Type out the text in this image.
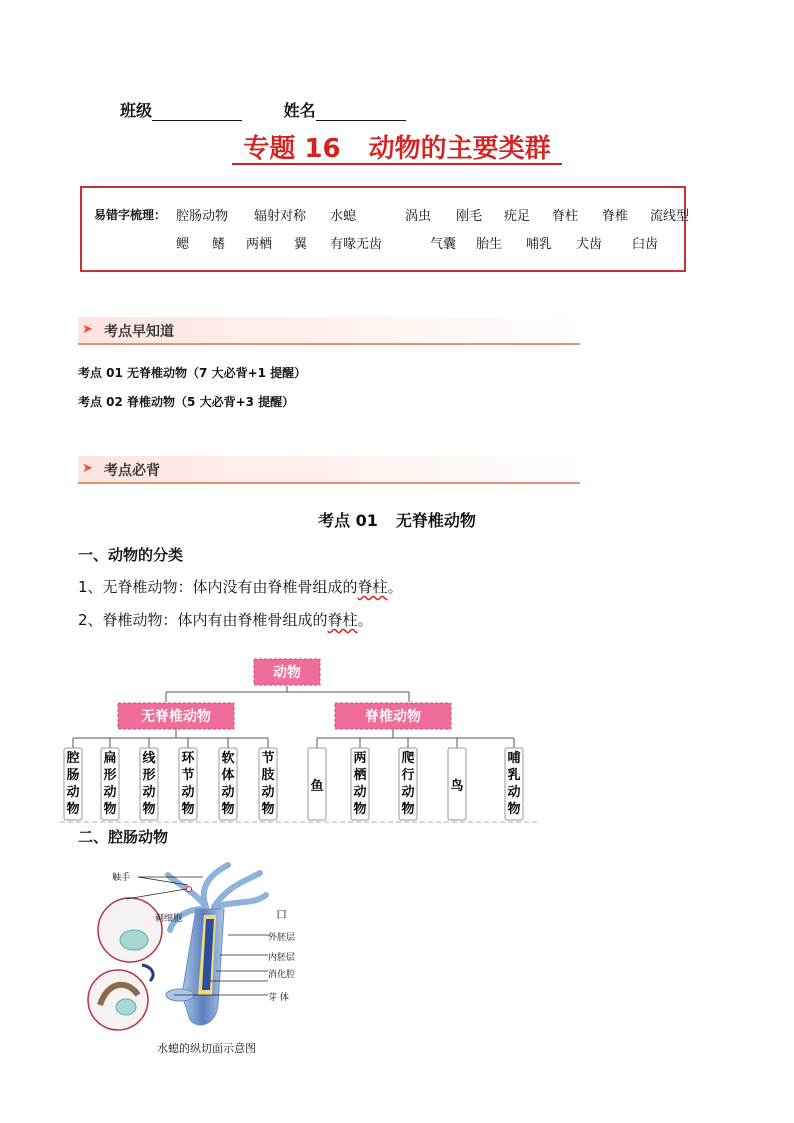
班级	姓名
专题 16 动物的主要类群
易错字梳理： 腔肠动物 辐射对称 水螅	涡虫 刚毛 疣足 脊柱 脊椎 流线型
鳃 鳍 两栖 翼 有喙无齿	气囊 胎生 哺乳 犬齿 臼齿
➤ 考点早知道
考点 01 无脊椎动物（7 大必背+1 提醒）
考点 02 脊椎动物（5 大必背+3 提醒）
➤ 考点必背
考点 01 无脊椎动物
一、动物的分类
1、无脊椎动物：体内没有由脊椎骨组成的脊柱。
2、脊椎动物：体内有由脊椎骨组成的脊柱。
动物
无脊椎动物	脊椎动物
腔
肠
动
物
扁
形
动
物
线
形
动
物
环
节
动
物
软
体
动
物
节
肢
动
物
鱼
两
栖
动
物
爬
行
动
物
鸟
哺
乳
动
物
二、腔肠动物
触手
刺细胞	口
外胚层
内胚层
消化腔
芽 体
水螅的纵切面示意图
